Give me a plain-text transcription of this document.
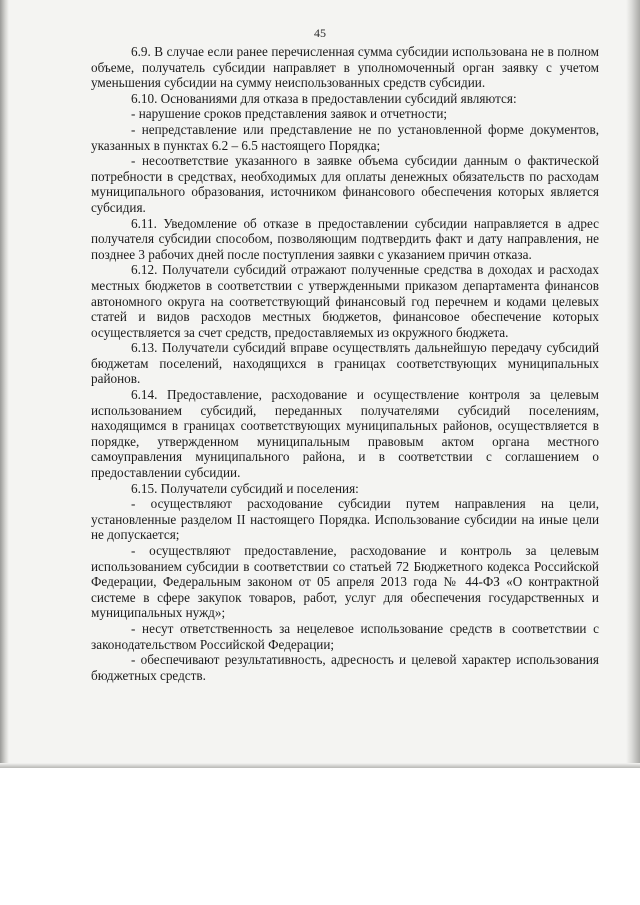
45

6.9. В случае если ранее перечисленная сумма субсидии использована не в полном объеме, получатель субсидии направляет в уполномоченный орган заявку с учетом уменьшения субсидии на сумму неиспользованных средств субсидии.

6.10. Основаниями для отказа в предоставлении субсидий являются:

- нарушение сроков представления заявок и отчетности;

- непредставление или представление не по установленной форме документов, указанных в пунктах 6.2 – 6.5 настоящего Порядка;

- несоответствие указанного в заявке объема субсидии данным о фактической потребности в средствах, необходимых для оплаты денежных обязательств по расходам муниципального образования, источником финансового обеспечения которых является субсидия.

6.11. Уведомление об отказе в предоставлении субсидии направляется в адрес получателя субсидии способом, позволяющим подтвердить факт и дату направления, не позднее 3 рабочих дней после поступления заявки с указанием причин отказа.

6.12. Получатели субсидий отражают полученные средства в доходах и расходах местных бюджетов в соответствии с утвержденными приказом департамента финансов автономного округа на соответствующий финансовый год перечнем и кодами целевых статей и видов расходов местных бюджетов, финансовое обеспечение которых осуществляется за счет средств, предоставляемых из окружного бюджета.

6.13. Получатели субсидий вправе осуществлять дальнейшую передачу субсидий бюджетам поселений, находящихся в границах соответствующих муниципальных районов.

6.14. Предоставление, расходование и осуществление контроля за целевым использованием субсидий, переданных получателями субсидий поселениям, находящимся в границах соответствующих муниципальных районов, осуществляется в порядке, утвержденном муниципальным правовым актом органа местного самоуправления муниципального района, и в соответствии с соглашением о предоставлении субсидии.

6.15. Получатели субсидий и поселения:

- осуществляют расходование субсидии путем направления на цели, установленные разделом II настоящего Порядка. Использование субсидии на иные цели не допускается;

- осуществляют предоставление, расходование и контроль за целевым использованием субсидии в соответствии со статьей 72 Бюджетного кодекса Российской Федерации, Федеральным законом от 05 апреля 2013 года № 44-ФЗ «О контрактной системе в сфере закупок товаров, работ, услуг для обеспечения государственных и муниципальных нужд»;

- несут ответственность за нецелевое использование средств в соответствии с законодательством Российской Федерации;

- обеспечивают результативность, адресность и целевой характер использования бюджетных средств.
